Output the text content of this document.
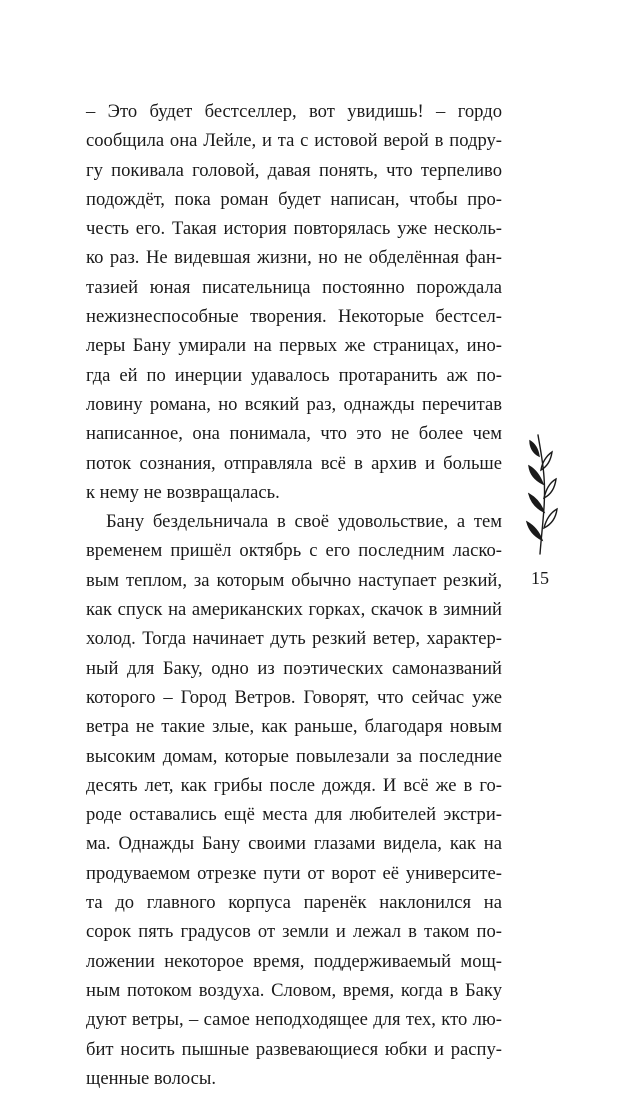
– Это будет бестселлер, вот увидишь! – гордо
сообщила она Лейле, и та с истовой верой в подру-
гу покивала головой, давая понять, что терпеливо
подождёт, пока роман будет написан, чтобы про-
честь его. Такая история повторялась уже несколь-
ко раз. Не видевшая жизни, но не обделённая фан-
тазией юная писательница постоянно порождала
нежизнеспособные творения. Некоторые бестсел-
леры Бану умирали на первых же страницах, ино-
гда ей по инерции удавалось протаранить аж по-
ловину романа, но всякий раз, однажды перечитав
написанное, она понимала, что это не более чем
поток сознания, отправляла всё в архив и больше
к нему не возвращалась.

Бану бездельничала в своё удовольствие, а тем
временем пришёл октябрь с его последним ласко-
вым теплом, за которым обычно наступает резкий,
как спуск на американских горках, скачок в зимний
холод. Тогда начинает дуть резкий ветер, характер-
ный для Баку, одно из поэтических самоназваний
которого – Город Ветров. Говорят, что сейчас уже
ветра не такие злые, как раньше, благодаря новым
высоким домам, которые повылезали за последние
десять лет, как грибы после дождя. И всё же в го-
роде оставались ещё места для любителей экстри-
ма. Однажды Бану своими глазами видела, как на
продуваемом отрезке пути от ворот её университе-
та до главного корпуса паренёк наклонился на
сорок пять градусов от земли и лежал в таком по-
ложении некоторое время, поддерживаемый мощ-
ным потоком воздуха. Словом, время, когда в Баку
дуют ветры, – самое неподходящее для тех, кто лю-
бит носить пышные развевающиеся юбки и распу-
щенные волосы.

15
